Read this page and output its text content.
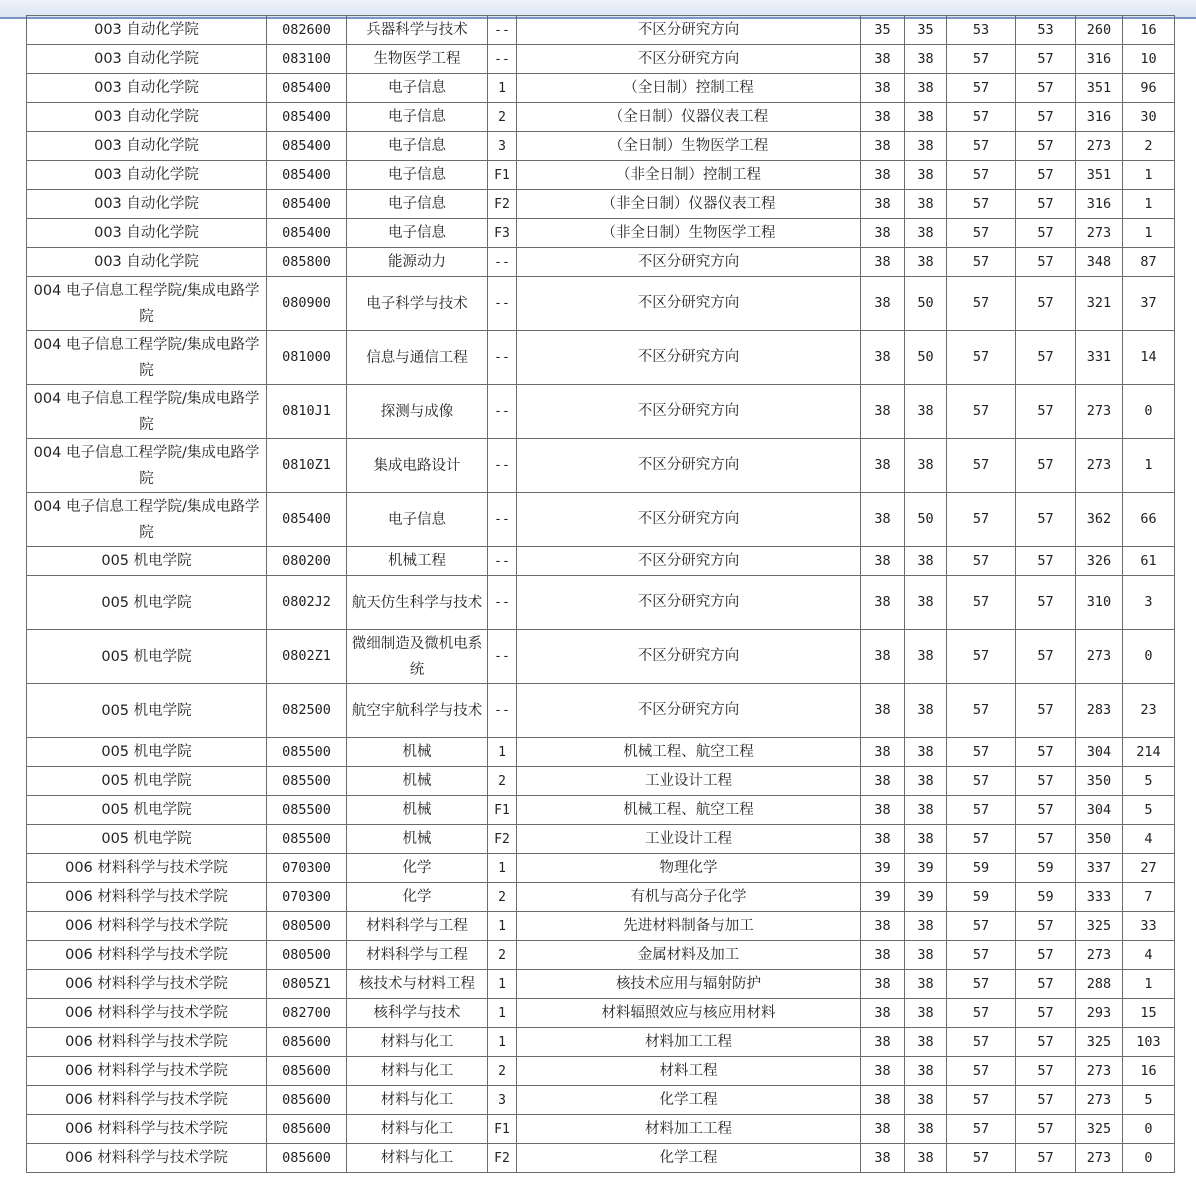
003 自动化学院	082600	兵器科学与技术	--	不区分研究方向	35	35	53	53	260	16
003 自动化学院	083100	生物医学工程	--	不区分研究方向	38	38	57	57	316	10
003 自动化学院	085400	电子信息	1	（全日制）控制工程	38	38	57	57	351	96
003 自动化学院	085400	电子信息	2	（全日制）仪器仪表工程	38	38	57	57	316	30
003 自动化学院	085400	电子信息	3	（全日制）生物医学工程	38	38	57	57	273	2
003 自动化学院	085400	电子信息	F1	（非全日制）控制工程	38	38	57	57	351	1
003 自动化学院	085400	电子信息	F2	（非全日制）仪器仪表工程	38	38	57	57	316	1
003 自动化学院	085400	电子信息	F3	（非全日制）生物医学工程	38	38	57	57	273	1
003 自动化学院	085800	能源动力	--	不区分研究方向	38	38	57	57	348	87
004 电子信息工程学院/集成电路学院	080900	电子科学与技术	--	不区分研究方向	38	50	57	57	321	37
004 电子信息工程学院/集成电路学院	081000	信息与通信工程	--	不区分研究方向	38	50	57	57	331	14
004 电子信息工程学院/集成电路学院	0810J1	探测与成像	--	不区分研究方向	38	38	57	57	273	0
004 电子信息工程学院/集成电路学院	0810Z1	集成电路设计	--	不区分研究方向	38	38	57	57	273	1
004 电子信息工程学院/集成电路学院	085400	电子信息	--	不区分研究方向	38	50	57	57	362	66
005 机电学院	080200	机械工程	--	不区分研究方向	38	38	57	57	326	61
005 机电学院	0802J2	航天仿生科学与技术	--	不区分研究方向	38	38	57	57	310	3
005 机电学院	0802Z1	微细制造及微机电系统	--	不区分研究方向	38	38	57	57	273	0
005 机电学院	082500	航空宇航科学与技术	--	不区分研究方向	38	38	57	57	283	23
005 机电学院	085500	机械	1	机械工程、航空工程	38	38	57	57	304	214
005 机电学院	085500	机械	2	工业设计工程	38	38	57	57	350	5
005 机电学院	085500	机械	F1	机械工程、航空工程	38	38	57	57	304	5
005 机电学院	085500	机械	F2	工业设计工程	38	38	57	57	350	4
006 材料科学与技术学院	070300	化学	1	物理化学	39	39	59	59	337	27
006 材料科学与技术学院	070300	化学	2	有机与高分子化学	39	39	59	59	333	7
006 材料科学与技术学院	080500	材料科学与工程	1	先进材料制备与加工	38	38	57	57	325	33
006 材料科学与技术学院	080500	材料科学与工程	2	金属材料及加工	38	38	57	57	273	4
006 材料科学与技术学院	0805Z1	核技术与材料工程	1	核技术应用与辐射防护	38	38	57	57	288	1
006 材料科学与技术学院	082700	核科学与技术	1	材料辐照效应与核应用材料	38	38	57	57	293	15
006 材料科学与技术学院	085600	材料与化工	1	材料加工工程	38	38	57	57	325	103
006 材料科学与技术学院	085600	材料与化工	2	材料工程	38	38	57	57	273	16
006 材料科学与技术学院	085600	材料与化工	3	化学工程	38	38	57	57	273	5
006 材料科学与技术学院	085600	材料与化工	F1	材料加工工程	38	38	57	57	325	0
006 材料科学与技术学院	085600	材料与化工	F2	化学工程	38	38	57	57	273	0
